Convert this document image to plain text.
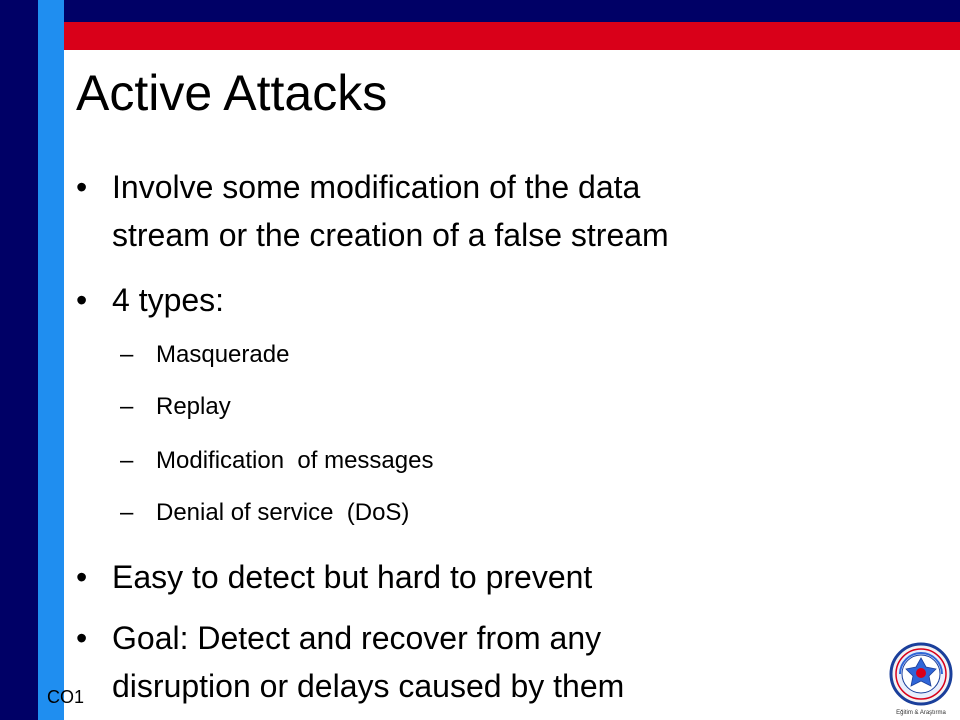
Active Attacks
• Involve some modification of the data
stream or the creation of a false stream
• 4 types:
– Masquerade
– Replay
– Modification  of messages
– Denial of service  (DoS)
• Easy to detect but hard to prevent
• Goal: Detect and recover from any
disruption or delays caused by them
CO1
Eğitim & Araştırma
